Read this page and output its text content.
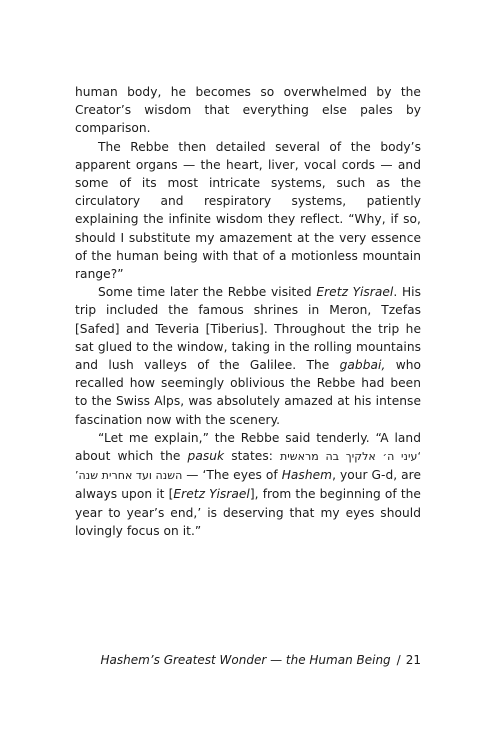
human body, he becomes so overwhelmed by the Creator’s wisdom that everything else pales by comparison.

The Rebbe then detailed several of the body’s apparent organs — the heart, liver, vocal cords — and some of its most intricate systems, such as the circulatory and respiratory systems, patiently explaining the infinite wisdom they reflect. “Why, if so, should I substitute my amazement at the very essence of the human being with that of a motionless mountain range?”

Some time later the Rebbe visited Eretz Yisrael. His trip included the famous shrines in Meron, Tzefas [Safed] and Teveria [Tiberius]. Throughout the trip he sat glued to the window, taking in the rolling mountains and lush valleys of the Galilee. The gabbai, who recalled how seemingly oblivious the Rebbe had been to the Swiss Alps, was absolutely amazed at his intense fascination now with the scenery.

“Let me explain,” the Rebbe said tenderly. “A land about which the pasuk states: ‘עיני ה׳ אלקיך בה מראשית השנה ועד אחרית שנה’ — ‘The eyes of Hashem, your G-d, are always upon it [Eretz Yisrael], from the beginning of the year to year’s end,’ is deserving that my eyes should lovingly focus on it.”

Hashem’s Greatest Wonder — the Human Being / 21
